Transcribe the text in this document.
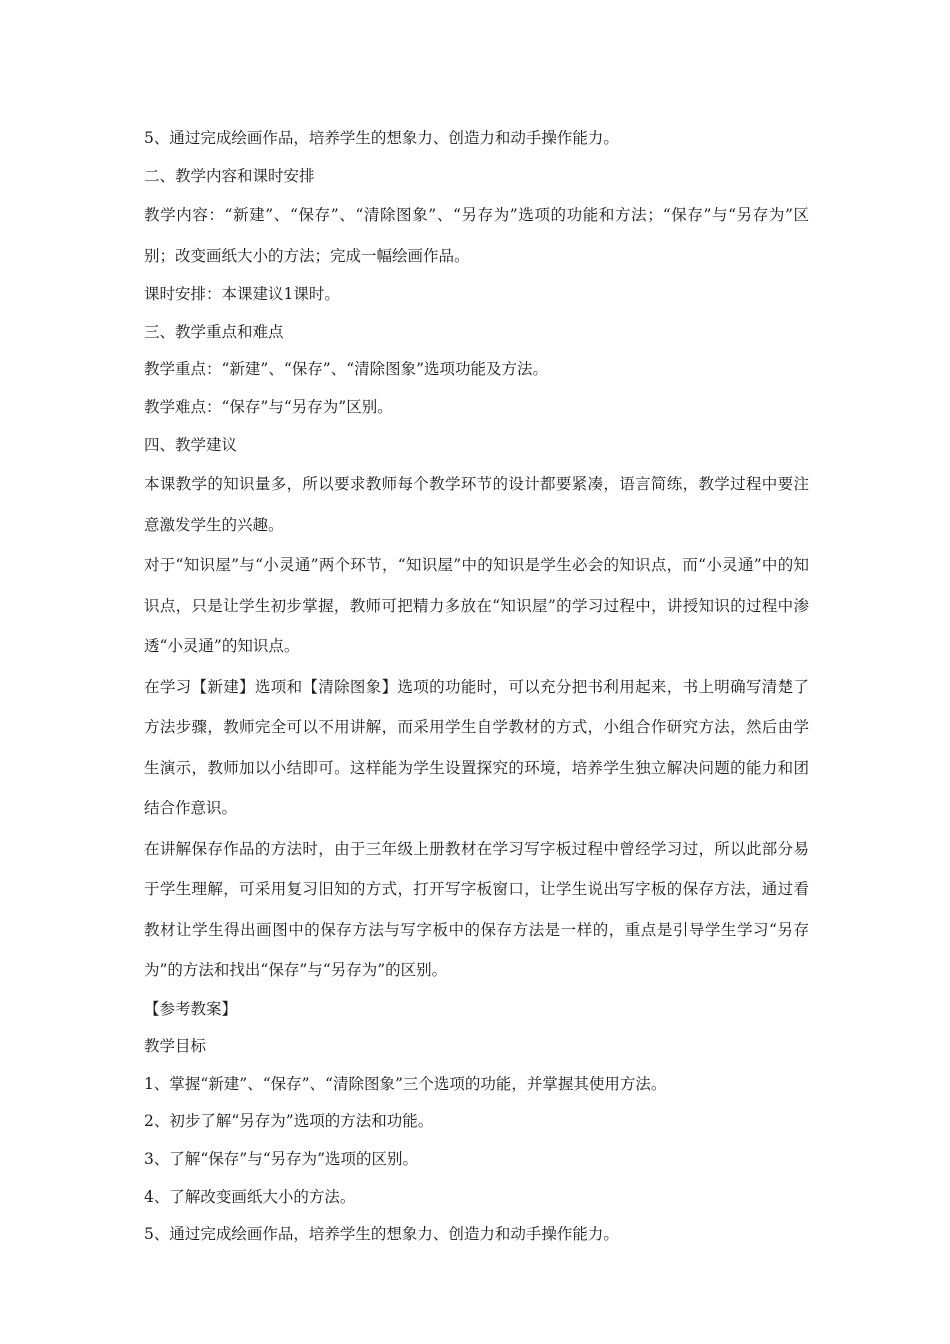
5、通过完成绘画作品，培养学生的想象力、创造力和动手操作能力。

二、教学内容和课时安排

教学内容：“新建”、“保存”、“清除图象”、“另存为”选项的功能和方法；“保存”与“另存为”区别；改变画纸大小的方法；完成一幅绘画作品。

课时安排：本课建议1课时。

三、教学重点和难点

教学重点：“新建”、“保存”、“清除图象”选项功能及方法。

教学难点：“保存”与“另存为”区别。

四、教学建议

本课教学的知识量多，所以要求教师每个教学环节的设计都要紧凑，语言简练，教学过程中要注意激发学生的兴趣。

对于“知识屋”与“小灵通”两个环节，“知识屋”中的知识是学生必会的知识点，而“小灵通”中的知识点，只是让学生初步掌握，教师可把精力多放在“知识屋”的学习过程中，讲授知识的过程中渗透“小灵通”的知识点。

在学习【新建】选项和【清除图象】选项的功能时，可以充分把书利用起来，书上明确写清楚了方法步骤，教师完全可以不用讲解，而采用学生自学教材的方式，小组合作研究方法，然后由学生演示，教师加以小结即可。这样能为学生设置探究的环境，培养学生独立解决问题的能力和团结合作意识。

在讲解保存作品的方法时，由于三年级上册教材在学习写字板过程中曾经学习过，所以此部分易于学生理解，可采用复习旧知的方式，打开写字板窗口，让学生说出写字板的保存方法，通过看教材让学生得出画图中的保存方法与写字板中的保存方法是一样的，重点是引导学生学习“另存为”的方法和找出“保存”与“另存为”的区别。

【参考教案】

教学目标

1、掌握“新建”、“保存”、“清除图象”三个选项的功能，并掌握其使用方法。

2、初步了解“另存为”选项的方法和功能。

3、了解“保存”与“另存为”选项的区别。

4、了解改变画纸大小的方法。

5、通过完成绘画作品，培养学生的想象力、创造力和动手操作能力。
